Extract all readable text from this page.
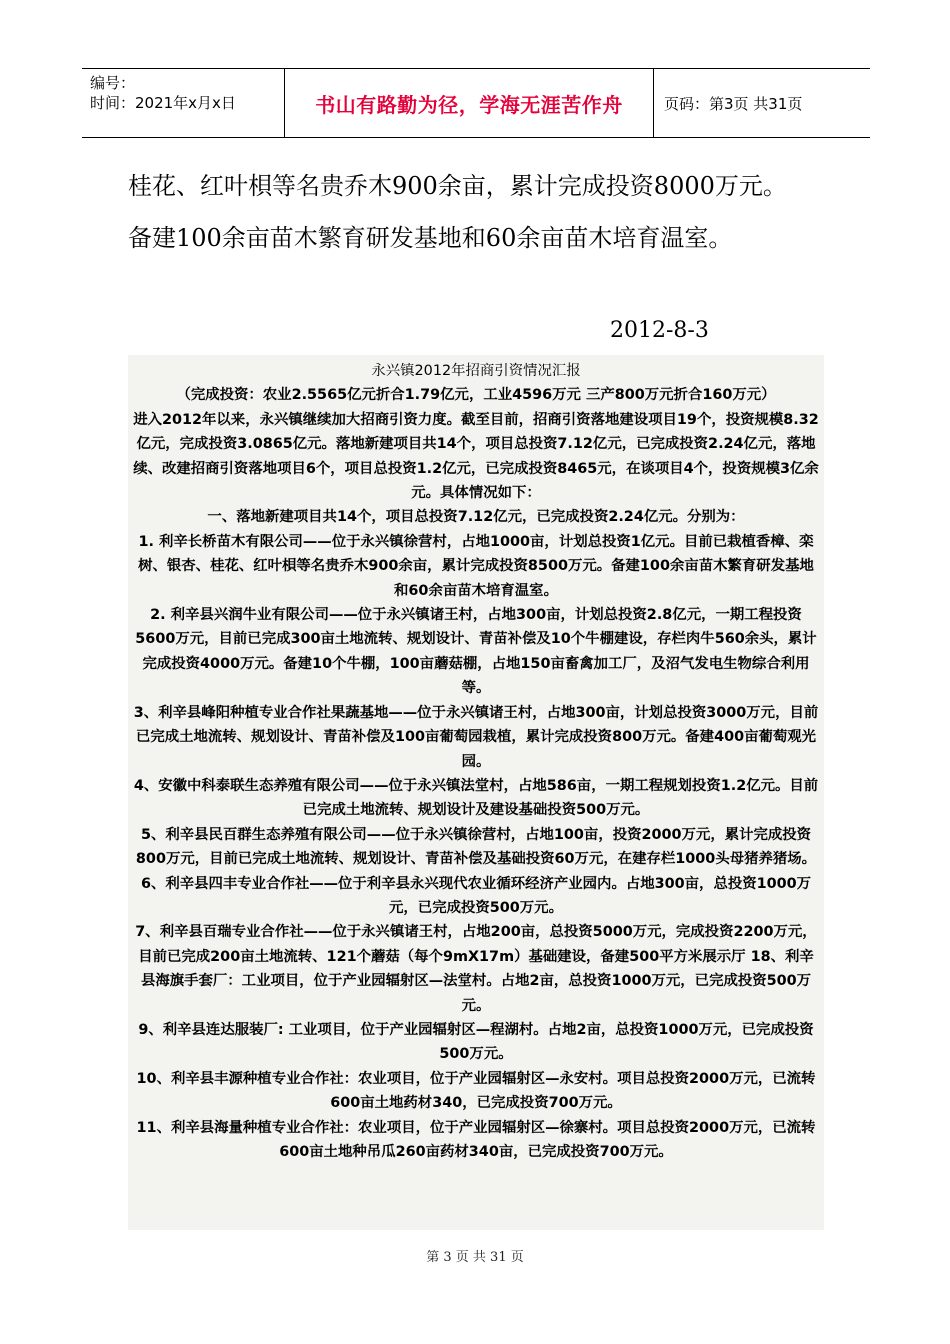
编号：
时间：2021年x月x日	书山有路勤为径，学海无涯苦作舟	页码：第3页 共31页
桂花、红叶梖等名贵乔木900余亩，累计完成投资8000万元。
备建100余亩苗木繁育研发基地和60余亩苗木培育温室。
2012-8-3

永兴镇2012年招商引资情况汇报

（完成投资：农业2.5565亿元折合1.79亿元，工业4596万元 三产800万元折合160万元）

进入2012年以来，永兴镇继续加大招商引资力度。截至目前，招商引资落地建设项目19个，投资规模8.32亿元，完成投资3.0865亿元。落地新建项目共14个，项目总投资7.12亿元，已完成投资2.24亿元，落地续、改建招商引资落地项目6个，项目总投资1.2亿元，已完成投资8465元，在谈项目4个，投资规模3亿余元。具体情况如下：

一、落地新建项目共14个，项目总投资7.12亿元，已完成投资2.24亿元。分别为：

1. 利辛长桥苗木有限公司——位于永兴镇徐营村，占地1000亩，计划总投资1亿元。目前已栽植香樟、栾树、银杏、桂花、红叶梖等名贵乔木900余亩，累计完成投资8500万元。备建100余亩苗木繁育研发基地和60余亩苗木培育温室。

2. 利辛县兴润牛业有限公司——位于永兴镇诸王村，占地300亩，计划总投资2.8亿元，一期工程投资5600万元，目前已完成300亩土地流转、规划设计、青苗补偿及10个牛棚建设，存栏肉牛560余头，累计完成投资4000万元。备建10个牛棚，100亩蘑菇棚，占地150亩畜禽加工厂，及沼气发电生物综合利用等。

3、利辛县峰阳种植专业合作社果蔬基地——位于永兴镇诸王村，占地300亩，计划总投资3000万元，目前已完成土地流转、规划设计、青苗补偿及100亩葡萄园栽植，累计完成投资800万元。备建400亩葡萄观光园。

4、安徽中科泰联生态养殖有限公司——位于永兴镇法堂村，占地586亩，一期工程规划投资1.2亿元。目前已完成土地流转、规划设计及建设基础投资500万元。

5、利辛县民百群生态养殖有限公司——位于永兴镇徐营村，占地100亩，投资2000万元，累计完成投资800万元，目前已完成土地流转、规划设计、青苗补偿及基础投资60万元，在建存栏1000头母猪养猪场。

6、利辛县四丰专业合作社——位于利辛县永兴现代农业循环经济产业园内。占地300亩，总投资1000万元，已完成投资500万元。

7、利辛县百瑞专业合作社——位于永兴镇诸王村，占地200亩，总投资5000万元，完成投资2200万元，目前已完成200亩土地流转、121个蘑菇（每个9mX17m）基础建设，备建500平方米展示厅 18、利辛县海旗手套厂：工业项目，位于产业园辐射区—法堂村。占地2亩，总投资1000万元，已完成投资500万元。

9、利辛县连达服装厂: 工业项目，位于产业园辐射区—程湖村。占地2亩，总投资1000万元，已完成投资500万元。

10、利辛县丰源种植专业合作社：农业项目，位于产业园辐射区—永安村。项目总投资2000万元，已流转600亩土地药材340，已完成投资700万元。

11、利辛县海量种植专业合作社：农业项目，位于产业园辐射区—徐寨村。项目总投资2000万元，已流转600亩土地种吊瓜260亩药材340亩，已完成投资700万元。

第 3 页 共 31 页
